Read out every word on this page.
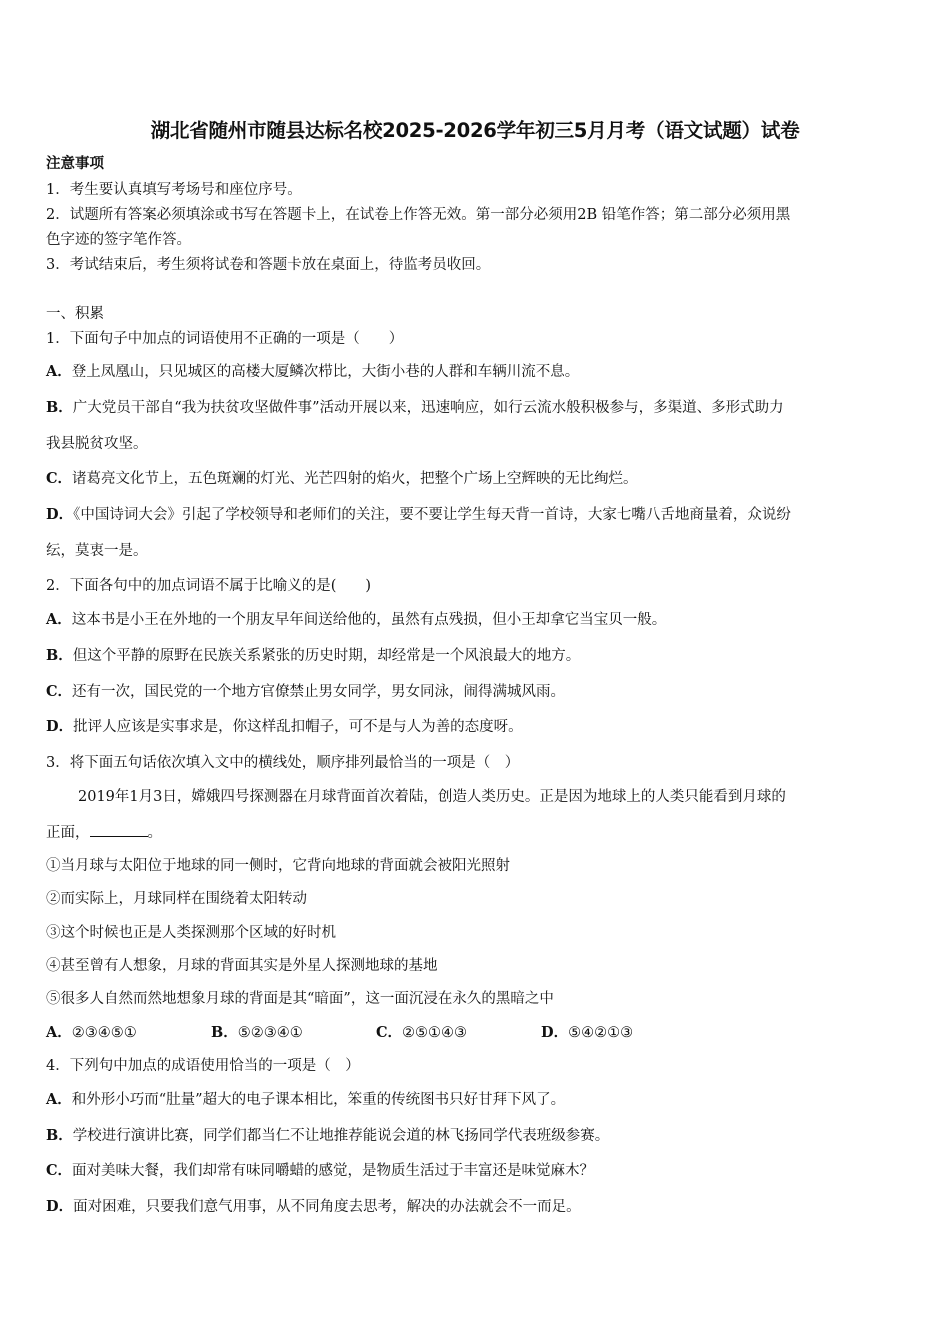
湖北省随州市随县达标名校2025-2026学年初三5月月考（语文试题）试卷
注意事项
1．考生要认真填写考场号和座位序号。
2．试题所有答案必须填涂或书写在答题卡上，在试卷上作答无效。第一部分必须用2B 铅笔作答；第二部分必须用黑
色字迹的签字笔作答。
3．考试结束后，考生须将试卷和答题卡放在桌面上，待监考员收回。
一、积累
1．下面句子中加点的词语使用不正确的一项是（　　）
A．登上凤凰山，只见城区的高楼大厦鳞次栉比，大街小巷的人群和车辆川流不息。
B．广大党员干部自“我为扶贫攻坚做件事”活动开展以来，迅速响应，如行云流水般积极参与，多渠道、多形式助力
我县脱贫攻坚。
C．诸葛亮文化节上，五色斑斓的灯光、光芒四射的焰火，把整个广场上空辉映的无比绚烂。
D．《中国诗词大会》引起了学校领导和老师们的关注，要不要让学生每天背一首诗，大家七嘴八舌地商量着，众说纷
纭，莫衷一是。
2．下面各句中的加点词语不属于比喻义的是(　　)
A．这本书是小王在外地的一个朋友早年间送给他的，虽然有点残损，但小王却拿它当宝贝一般。
B．但这个平静的原野在民族关系紧张的历史时期，却经常是一个风浪最大的地方。
C．还有一次，国民党的一个地方官僚禁止男女同学，男女同泳，闹得满城风雨。
D．批评人应该是实事求是，你这样乱扣帽子，可不是与人为善的态度呀。
3．将下面五句话依次填入文中的横线处，顺序排列最恰当的一项是（　）
2019年1月3日，嫦娥四号探测器在月球背面首次着陆，创造人类历史。正是因为地球上的人类只能看到月球的
正面，	。
①当月球与太阳位于地球的同一侧时，它背向地球的背面就会被阳光照射
②而实际上，月球同样在围绕着太阳转动
③这个时候也正是人类探测那个区域的好时机
④甚至曾有人想象，月球的背面其实是外星人探测地球的基地
⑤很多人自然而然地想象月球的背面是其“暗面”，这一面沉浸在永久的黑暗之中
A．②③④⑤①	B．⑤②③④①	C．②⑤①④③	D．⑤④②①③
4．下列句中加点的成语使用恰当的一项是（　）
A．和外形小巧而“肚量”超大的电子课本相比，笨重的传统图书只好甘拜下风了。
B．学校进行演讲比赛，同学们都当仁不让地推荐能说会道的林飞扬同学代表班级参赛。
C．面对美味大餐，我们却常有味同嚼蜡的感觉，是物质生活过于丰富还是味觉麻木？
D．面对困难，只要我们意气用事，从不同角度去思考，解决的办法就会不一而足。
